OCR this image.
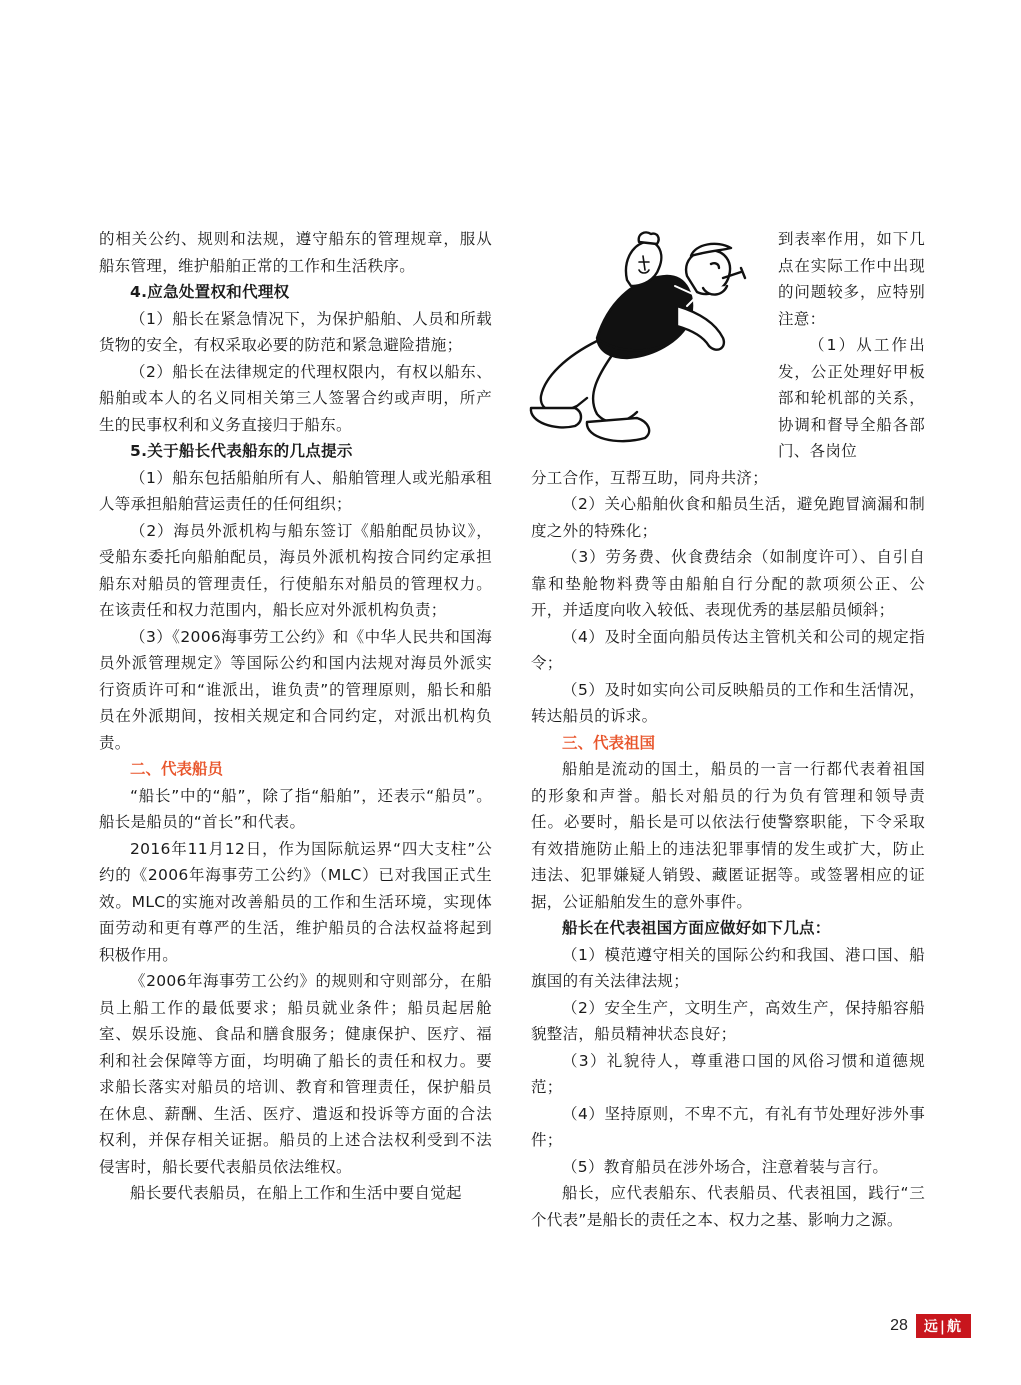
的相关公约、规则和法规，遵守船东的管理规章，服从船东管理，维护船舶正常的工作和生活秩序。

4.应急处置权和代理权

（1）船长在紧急情况下，为保护船舶、人员和所载货物的安全，有权采取必要的防范和紧急避险措施；

（2）船长在法律规定的代理权限内，有权以船东、船舶或本人的名义同相关第三人签署合约或声明，所产生的民事权利和义务直接归于船东。

5.关于船长代表船东的几点提示

（1）船东包括船舶所有人、船舶管理人或光船承租人等承担船舶营运责任的任何组织；

（2）海员外派机构与船东签订《船舶配员协议》，受船东委托向船舶配员，海员外派机构按合同约定承担船东对船员的管理责任，行使船东对船员的管理权力。在该责任和权力范围内，船长应对外派机构负责；

（3）《2006海事劳工公约》和《中华人民共和国海员外派管理规定》等国际公约和国内法规对海员外派实行资质许可和“谁派出，谁负责”的管理原则，船长和船员在外派期间，按相关规定和合同约定，对派出机构负责。

二、代表船员

“船长”中的“船”，除了指“船舶”，还表示“船员”。船长是船员的“首长”和代表。

2016年11月12日，作为国际航运界“四大支柱”公约的《2006年海事劳工公约》（MLC）已对我国正式生效。MLC的实施对改善船员的工作和生活环境，实现体面劳动和更有尊严的生活，维护船员的合法权益将起到积极作用。

《2006年海事劳工公约》的规则和守则部分，在船员上船工作的最低要求；船员就业条件；船员起居舱室、娱乐设施、食品和膳食服务；健康保护、医疗、福利和社会保障等方面，均明确了船长的责任和权力。要求船长落实对船员的培训、教育和管理责任，保护船员在休息、薪酬、生活、医疗、遣返和投诉等方面的合法权利，并保存相关证据。船员的上述合法权利受到不法侵害时，船长要代表船员依法维权。

船长要代表船员，在船上工作和生活中要自觉起

到表率作用，如下几点在实际工作中出现的问题较多，应特别注意：

（1）从工作出发，公正处理好甲板部和轮机部的关系，协调和督导全船各部门、各岗位

分工合作，互帮互助，同舟共济；

（2）关心船舶伙食和船员生活，避免跑冒滴漏和制度之外的特殊化；

（3）劳务费、伙食费结余（如制度许可）、自引自靠和垫舱物料费等由船舶自行分配的款项须公正、公开，并适度向收入较低、表现优秀的基层船员倾斜；

（4）及时全面向船员传达主管机关和公司的规定指令；

（5）及时如实向公司反映船员的工作和生活情况，转达船员的诉求。

三、代表祖国

船舶是流动的国土，船员的一言一行都代表着祖国的形象和声誉。船长对船员的行为负有管理和领导责任。必要时，船长是可以依法行使警察职能，下令采取有效措施防止船上的违法犯罪事情的发生或扩大，防止违法、犯罪嫌疑人销毁、藏匿证据等。或签署相应的证据，公证船舶发生的意外事件。

船长在代表祖国方面应做好如下几点：

（1）模范遵守相关的国际公约和我国、港口国、船旗国的有关法律法规；

（2）安全生产，文明生产，高效生产，保持船容船貌整洁，船员精神状态良好；

（3）礼貌待人，尊重港口国的风俗习惯和道德规范；

（4）坚持原则，不卑不亢，有礼有节处理好涉外事件；

（5）教育船员在涉外场合，注意着装与言行。

船长，应代表船东、代表船员、代表祖国，践行“三个代表”是船长的责任之本、权力之基、影响力之源。

28	远|航
